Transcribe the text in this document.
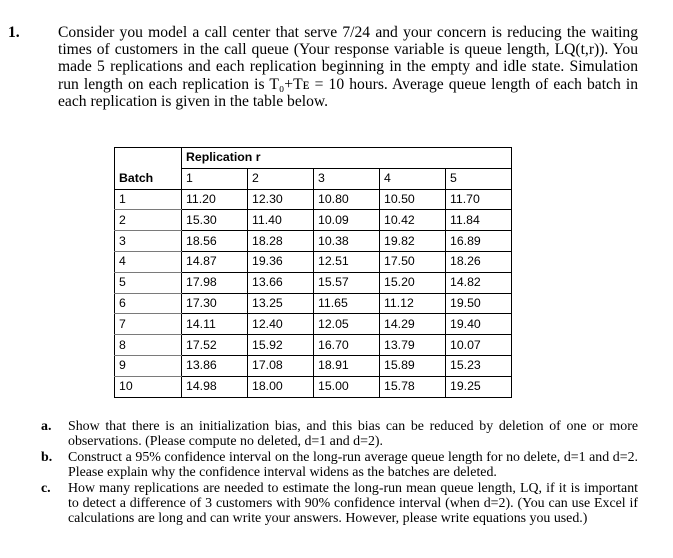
1. Consider you model a call center that serve 7/24 and your concern is reducing the waiting times of customers in the call queue (Your response variable is queue length, LQ(t,r)). You made 5 replications and each replication beginning in the empty and idle state. Simulation run length on each replication is T₀+Tᴇ = 10 hours. Average queue length of each batch in each replication is given in the table below.
	Replication r				
Batch	1	2	3	4	5
1	11.20	12.30	10.80	10.50	11.70
2	15.30	11.40	10.09	10.42	11.84
3	18.56	18.28	10.38	19.82	16.89
4	14.87	19.36	12.51	17.50	18.26
5	17.98	13.66	15.57	15.20	14.82
6	17.30	13.25	11.65	11.12	19.50
7	14.11	12.40	12.05	14.29	19.40
8	17.52	15.92	16.70	13.79	10.07
9	13.86	17.08	18.91	15.89	15.23
10	14.98	18.00	15.00	15.78	19.25
a. Show that there is an initialization bias, and this bias can be reduced by deletion of one or more observations. (Please compute no deleted, d=1 and d=2).
b. Construct a 95% confidence interval on the long-run average queue length for no delete, d=1 and d=2. Please explain why the confidence interval widens as the batches are deleted.
c. How many replications are needed to estimate the long-run mean queue length, LQ, if it is important to detect a difference of 3 customers with 90% confidence interval (when d=2). (You can use Excel if calculations are long and can write your answers. However, please write equations you used.)
